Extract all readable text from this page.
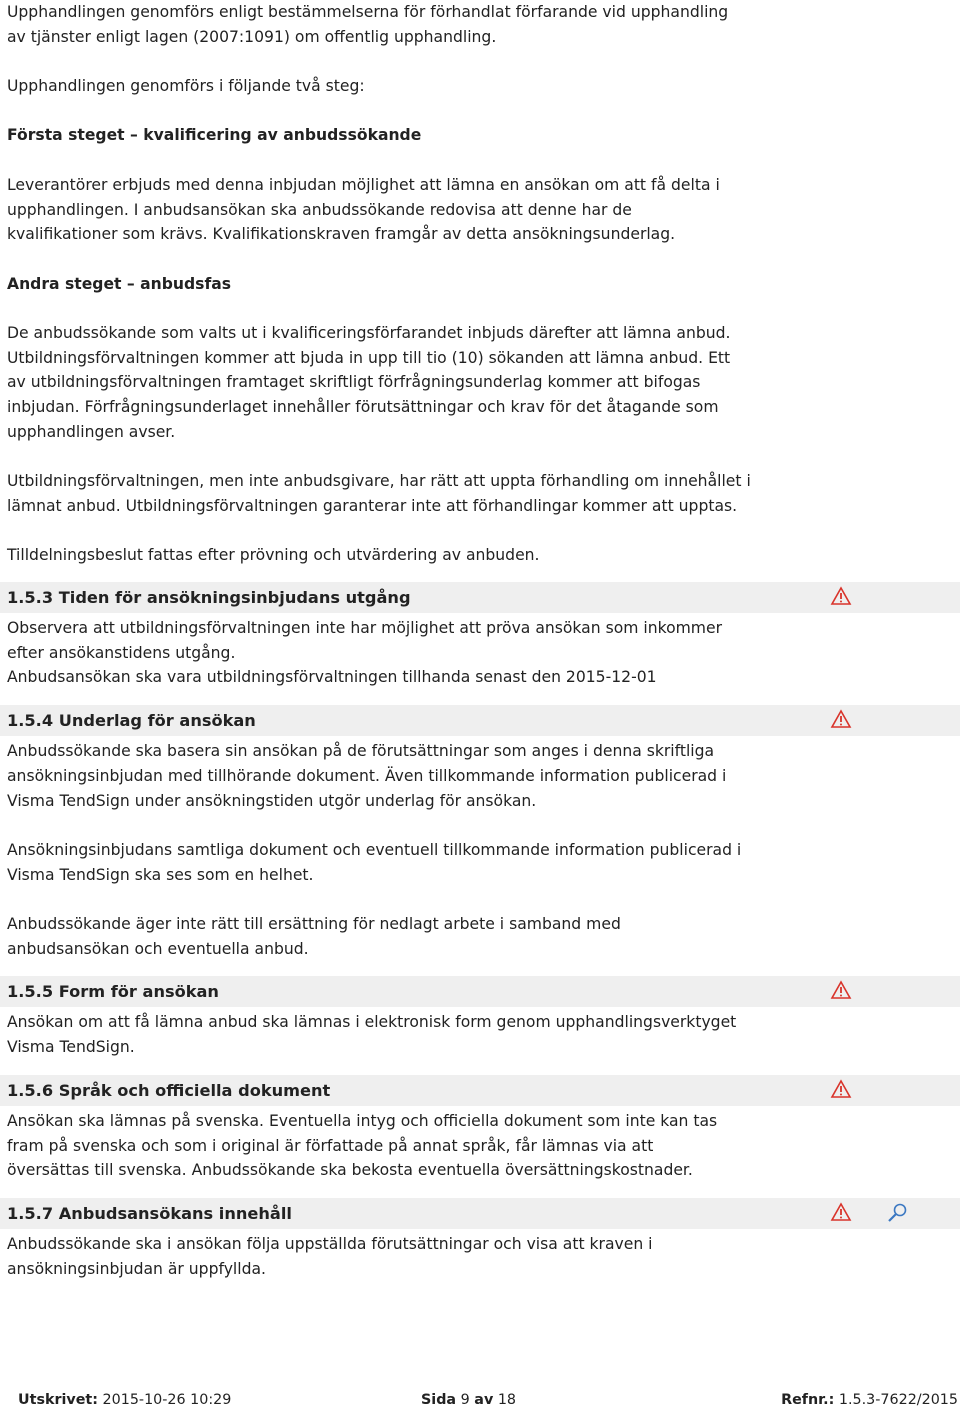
Upphandlingen genomförs enligt bestämmelserna för förhandlat förfarande vid upphandling

av tjänster enligt lagen (2007:1091) om offentlig upphandling.

Upphandlingen genomförs i följande två steg:

Första steget – kvalificering av anbudssökande

Leverantörer erbjuds med denna inbjudan möjlighet att lämna en ansökan om att få delta i

upphandlingen. I anbudsansökan ska anbudssökande redovisa att denne har de

kvalifikationer som krävs. Kvalifikationskraven framgår av detta ansökningsunderlag.

Andra steget – anbudsfas

De anbudssökande som valts ut i kvalificeringsförfarandet inbjuds därefter att lämna anbud.

Utbildningsförvaltningen kommer att bjuda in upp till tio (10) sökanden att lämna anbud. Ett

av utbildningsförvaltningen framtaget skriftligt förfrågningsunderlag kommer att bifogas

inbjudan. Förfrågningsunderlaget innehåller förutsättningar och krav för det åtagande som

upphandlingen avser.

Utbildningsförvaltningen, men inte anbudsgivare, har rätt att uppta förhandling om innehållet i

lämnat anbud. Utbildningsförvaltningen garanterar inte att förhandlingar kommer att upptas.

Tilldelningsbeslut fattas efter prövning och utvärdering av anbuden.

1.5.3 Tiden för ansökningsinbjudans utgång

Observera att utbildningsförvaltningen inte har möjlighet att pröva ansökan som inkommer

efter ansökanstidens utgång.

Anbudsansökan ska vara utbildningsförvaltningen tillhanda senast den 2015-12-01

1.5.4 Underlag för ansökan

Anbudssökande ska basera sin ansökan på de förutsättningar som anges i denna skriftliga

ansökningsinbjudan med tillhörande dokument. Även tillkommande information publicerad i

Visma TendSign under ansökningstiden utgör underlag för ansökan.

Ansökningsinbjudans samtliga dokument och eventuell tillkommande information publicerad i

Visma TendSign ska ses som en helhet.

Anbudssökande äger inte rätt till ersättning för nedlagt arbete i samband med

anbudsansökan och eventuella anbud.

1.5.5 Form för ansökan

Ansökan om att få lämna anbud ska lämnas i elektronisk form genom upphandlingsverktyget

Visma TendSign.

1.5.6 Språk och officiella dokument

Ansökan ska lämnas på svenska. Eventuella intyg och officiella dokument som inte kan tas

fram på svenska och som i original är författade på annat språk, får lämnas via att

översättas till svenska. Anbudssökande ska bekosta eventuella översättningskostnader.

1.5.7 Anbudsansökans innehåll

Anbudssökande ska i ansökan följa uppställda förutsättningar och visa att kraven i

ansökningsinbjudan är uppfyllda.

Utskrivet: 2015-10-26 10:29	Sida 9 av 18	Refnr.: 1.5.3-7622/2015
